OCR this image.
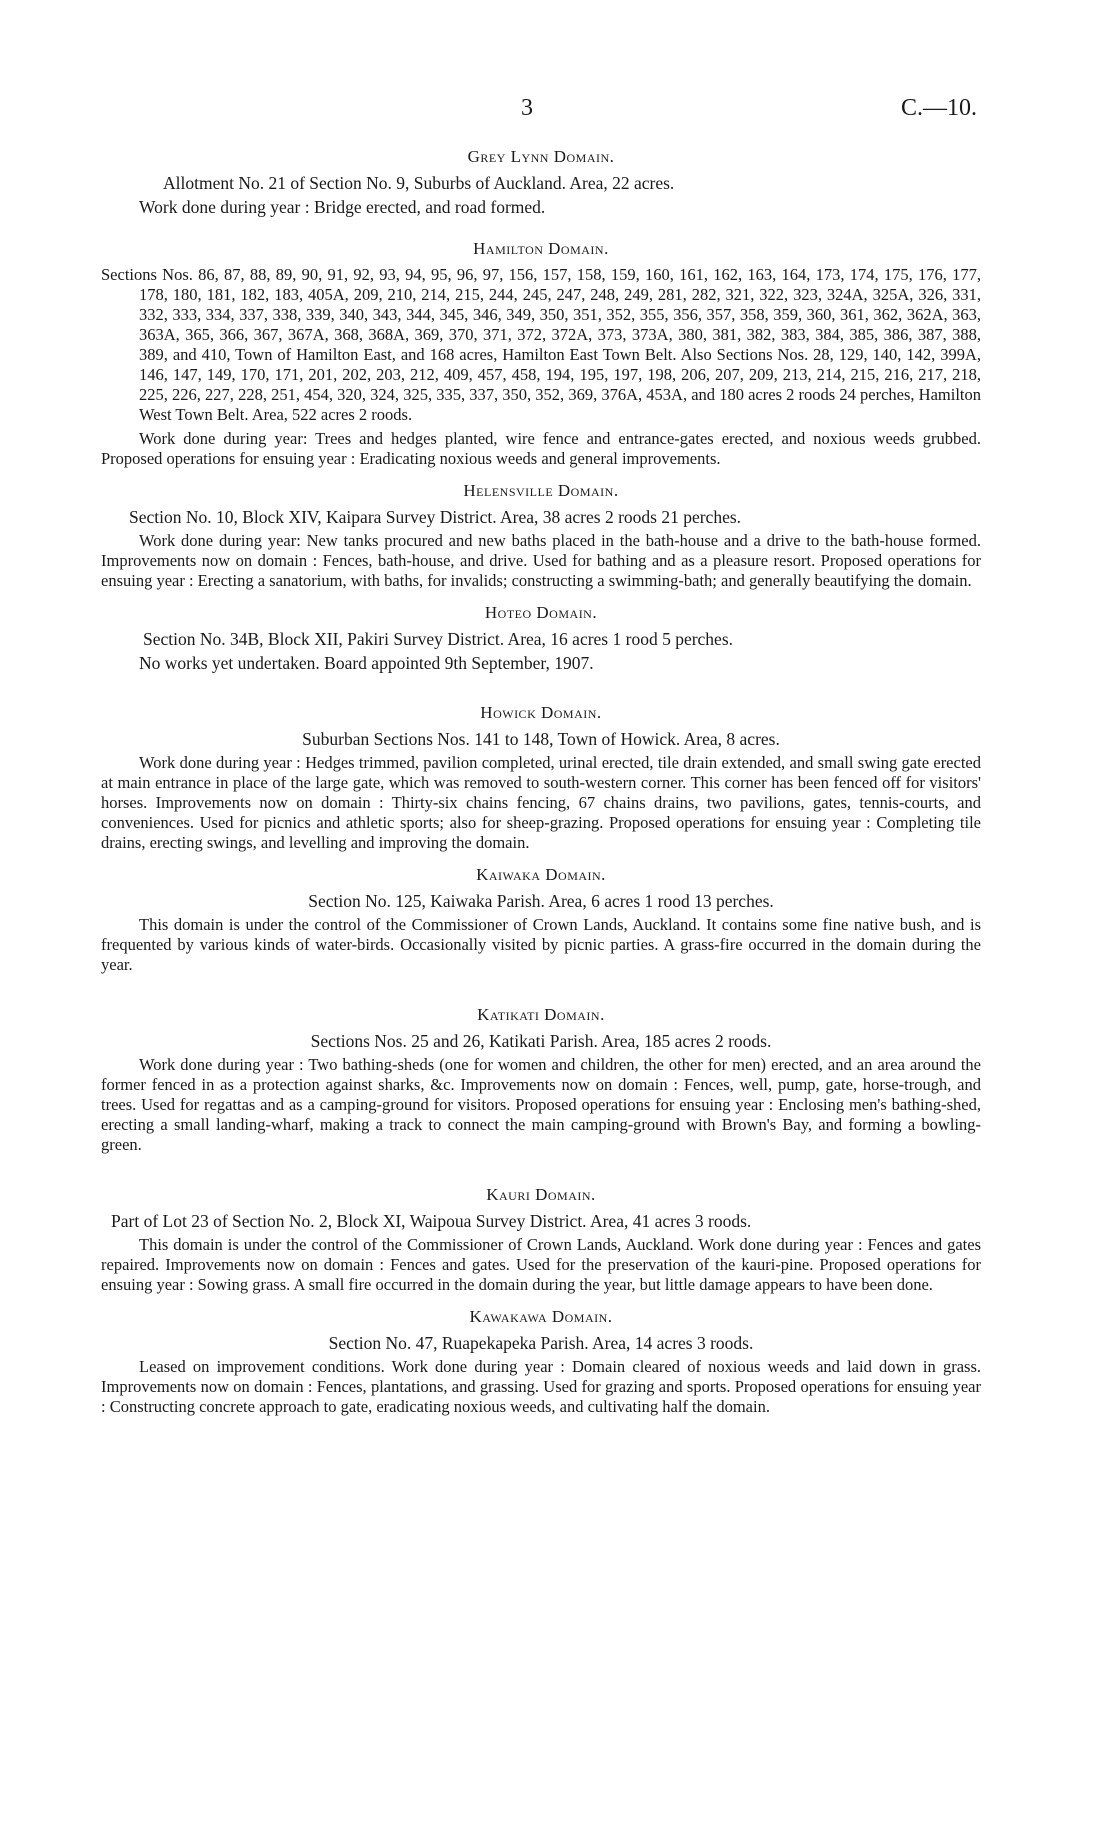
3	C.—10.
Grey Lynn Domain.
Allotment No. 21 of Section No. 9, Suburbs of Auckland. Area, 22 acres.
Work done during year : Bridge erected, and road formed.
Hamilton Domain.
Sections Nos. 86, 87, 88, 89, 90, 91, 92, 93, 94, 95, 96, 97, 156, 157, 158, 159, 160, 161, 162, 163, 164, 173, 174, 175, 176, 177, 178, 180, 181, 182, 183, 405A, 209, 210, 214, 215, 244, 245, 247, 248, 249, 281, 282, 321, 322, 323, 324A, 325A, 326, 331, 332, 333, 334, 337, 338, 339, 340, 343, 344, 345, 346, 349, 350, 351, 352, 355, 356, 357, 358, 359, 360, 361, 362, 362A, 363, 363A, 365, 366, 367, 367A, 368, 368A, 369, 370, 371, 372, 372A, 373, 373A, 380, 381, 382, 383, 384, 385, 386, 387, 388, 389, and 410, Town of Hamilton East, and 168 acres, Hamilton East Town Belt. Also Sections Nos. 28, 129, 140, 142, 399A, 146, 147, 149, 170, 171, 201, 202, 203, 212, 409, 457, 458, 194, 195, 197, 198, 206, 207, 209, 213, 214, 215, 216, 217, 218, 225, 226, 227, 228, 251, 454, 320, 324, 325, 335, 337, 350, 352, 369, 376A, 453A, and 180 acres 2 roods 24 perches, Hamilton West Town Belt. Area, 522 acres 2 roods.
Work done during year: Trees and hedges planted, wire fence and entrance-gates erected, and noxious weeds grubbed. Proposed operations for ensuing year : Eradicating noxious weeds and general improvements.
Helensville Domain.
Section No. 10, Block XIV, Kaipara Survey District. Area, 38 acres 2 roods 21 perches.
Work done during year: New tanks procured and new baths placed in the bath-house and a drive to the bath-house formed. Improvements now on domain : Fences, bath-house, and drive. Used for bathing and as a pleasure resort. Proposed operations for ensuing year : Erecting a sanatorium, with baths, for invalids; constructing a swimming-bath; and generally beautifying the domain.
Hoteo Domain.
Section No. 34B, Block XII, Pakiri Survey District. Area, 16 acres 1 rood 5 perches.
No works yet undertaken. Board appointed 9th September, 1907.
Howick Domain.
Suburban Sections Nos. 141 to 148, Town of Howick. Area, 8 acres.
Work done during year : Hedges trimmed, pavilion completed, urinal erected, tile drain extended, and small swing gate erected at main entrance in place of the large gate, which was removed to south-western corner. This corner has been fenced off for visitors' horses. Improvements now on domain : Thirty-six chains fencing, 67 chains drains, two pavilions, gates, tennis-courts, and conveniences. Used for picnics and athletic sports; also for sheep-grazing. Proposed operations for ensuing year : Completing tile drains, erecting swings, and levelling and improving the domain.
Kaiwaka Domain.
Section No. 125, Kaiwaka Parish. Area, 6 acres 1 rood 13 perches.
This domain is under the control of the Commissioner of Crown Lands, Auckland. It contains some fine native bush, and is frequented by various kinds of water-birds. Occasionally visited by picnic parties. A grass-fire occurred in the domain during the year.
Katikati Domain.
Sections Nos. 25 and 26, Katikati Parish. Area, 185 acres 2 roods.
Work done during year : Two bathing-sheds (one for women and children, the other for men) erected, and an area around the former fenced in as a protection against sharks, &c. Improvements now on domain : Fences, well, pump, gate, horse-trough, and trees. Used for regattas and as a camping-ground for visitors. Proposed operations for ensuing year : Enclosing men's bathing-shed, erecting a small landing-wharf, making a track to connect the main camping-ground with Brown's Bay, and forming a bowling-green.
Kauri Domain.
Part of Lot 23 of Section No. 2, Block XI, Waipoua Survey District. Area, 41 acres 3 roods.
This domain is under the control of the Commissioner of Crown Lands, Auckland. Work done during year : Fences and gates repaired. Improvements now on domain : Fences and gates. Used for the preservation of the kauri-pine. Proposed operations for ensuing year : Sowing grass. A small fire occurred in the domain during the year, but little damage appears to have been done.
Kawakawa Domain.
Section No. 47, Ruapekapeka Parish. Area, 14 acres 3 roods.
Leased on improvement conditions. Work done during year : Domain cleared of noxious weeds and laid down in grass. Improvements now on domain : Fences, plantations, and grassing. Used for grazing and sports. Proposed operations for ensuing year : Constructing concrete approach to gate, eradicating noxious weeds, and cultivating half the domain.
